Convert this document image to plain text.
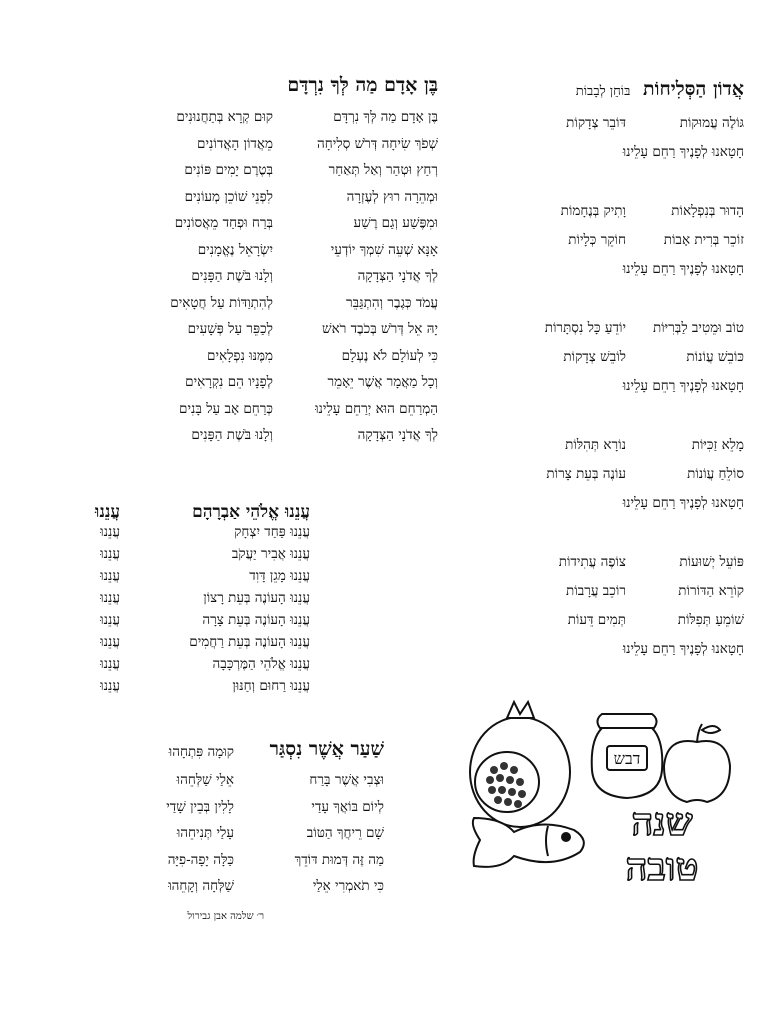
אֲדוֹן הַסְּלִיחוֹת בּוֹחֵן לְבָבוֹת
גּוֹלֶה עֲמוּקוֹת
דּוֹבֵר צְדָקוֹת
חָטָאנוּ לְפָנֶיךָ רַחֵם עָלֵינוּ
הָדוּר בְּנִפְלָאוֹת
וָתִיק בְּנֶחָמוֹת
זוֹכֵר בְּרִית אָבוֹת
חוֹקֵר כְּלָיוֹת
חָטָאנוּ לְפָנֶיךָ רַחֵם עָלֵינוּ
טוֹב וּמֵטִיב לַבְּרִיּוֹת
יוֹדֵעַ כָּל נִסְתָּרוֹת
כּוֹבֵשׁ עֲוֹנוֹת
לוֹבֵשׁ צְדָקוֹת
חָטָאנוּ לְפָנֶיךָ רַחֵם עָלֵינוּ
מָלֵא זַכִּיּוֹת
נוֹרָא תְּהִלּוֹת
סוֹלֵחַ עֲוֹנוֹת
עוֹנֶה בְּעֵת צָרוֹת
חָטָאנוּ לְפָנֶיךָ רַחֵם עָלֵינוּ
פּוֹעֵל יְשׁוּעוֹת
צוֹפֶה עֲתִידוֹת
קוֹרֵא הַדּוֹרוֹת
רוֹכֵב עֲרָבוֹת
שׁוֹמֵעַ תְּפִלּוֹת
תְּמִים דֵּעוֹת
חָטָאנוּ לְפָנֶיךָ רַחֵם עָלֵינוּ
בֶּן אָדָם מַה לְּךָ נִרְדָּם
בֶּן אָדָם מַה לְּךָ נִרְדָּם
קוּם קְרָא בְּתַחֲנוּנִים
שְׁפֹךְ שִׂיחָה דְּרֹשׁ סְלִיחָה
מֵאֲדוֹן הָאֲדוֹנִים
רְחַץ וּטְהַר וְאַל תְּאַחַר
בְּטֶרֶם יָמִים פּוֹנִים
וּמְהֵרָה רוּץ לְעֶזְרָה
לִפְנֵי שׁוֹכֵן מְעוֹנִים
וּמִפֶּשַׁע וְגַם רֶשַׁע
בְּרַח וּפְחַד מֵאֲסוֹנִים
אָנָּא שְׁעֵה שִׁמְךָ יוֹדְעֵי
יִשְׂרָאֵל נֶאֱמָנִים
לְךָ אֲדֹנָי הַצְּדָקָה
וְלָנוּ בֹּשֶׁת הַפָּנִים
עֲמֹד כְּגֶבֶר וְהִתְגַּבֵּר
לְהִתְוַדּוֹת עַל חֲטָאִים
יָהּ אֵל דְּרֹשׁ בְּכֹבֶד רֹאשׁ
לְכַפֵּר עַל פְּשָׁעִים
כִּי לְעוֹלָם לֹא נֶעְלָם
מִמֶּנּוּ נִפְלָאִים
וְכָל מַאֲמָר אֲשֶׁר יֵאָמֵר
לְפָנָיו הֵם נִקְרָאִים
הַמְרַחֵם הוּא יְרַחֵם עָלֵינוּ
כְּרַחֵם אָב עַל בָּנִים
לְךָ אֲדֹנָי הַצְּדָקָה
וְלָנוּ בֹּשֶׁת הַפָּנִים
עֲנֵנוּ אֱלֹהֵי אַבְרָהָם
עֲנֵנוּ
עֲנֵנוּ פַּחַד יִצְחָק
עֲנֵנוּ
עֲנֵנוּ אֲבִיר יַעֲקֹב
עֲנֵנוּ
עֲנֵנוּ מָגֵן דָּוִד
עֲנֵנוּ
עֲנֵנוּ הָעוֹנֶה בְּעֵת רָצוֹן
עֲנֵנוּ
עֲנֵנוּ הָעוֹנֶה בְּעֵת צָרָה
עֲנֵנוּ
עֲנֵנוּ הָעוֹנֶה בְּעֵת רַחֲמִים
עֲנֵנוּ
עֲנֵנוּ אֱלֹהֵי הַמֶּרְכָּבָה
עֲנֵנוּ
עֲנֵנוּ רַחוּם וְחַנּוּן
עֲנֵנוּ
שַׁעַר אֲשֶׁר נִסְגַּר
קוּמָה פִּתְחָהוּ
וּצְבִי אֲשֶׁר בָּרַח
אֵלַי שַׁלְּחֵהוּ
לְיוֹם בּוֹאֲךָ עָדַי
לָלִין בְּבֵין שָׁדַי
שָׁם רֵיחֲךָ הַטּוֹב
עָלַי תְּנִיחֵהוּ
מַה זֶּה דְּמוּת דּוֹדֵךְ
כַּלָּה יָפָה-פִיָּה
כִּי תֹאמְרִי אֵלַי
שַׁלְּחָה וְקָחֵהוּ
ר׳ שלמה אבן גבירול
דבש
שנה
טובה
